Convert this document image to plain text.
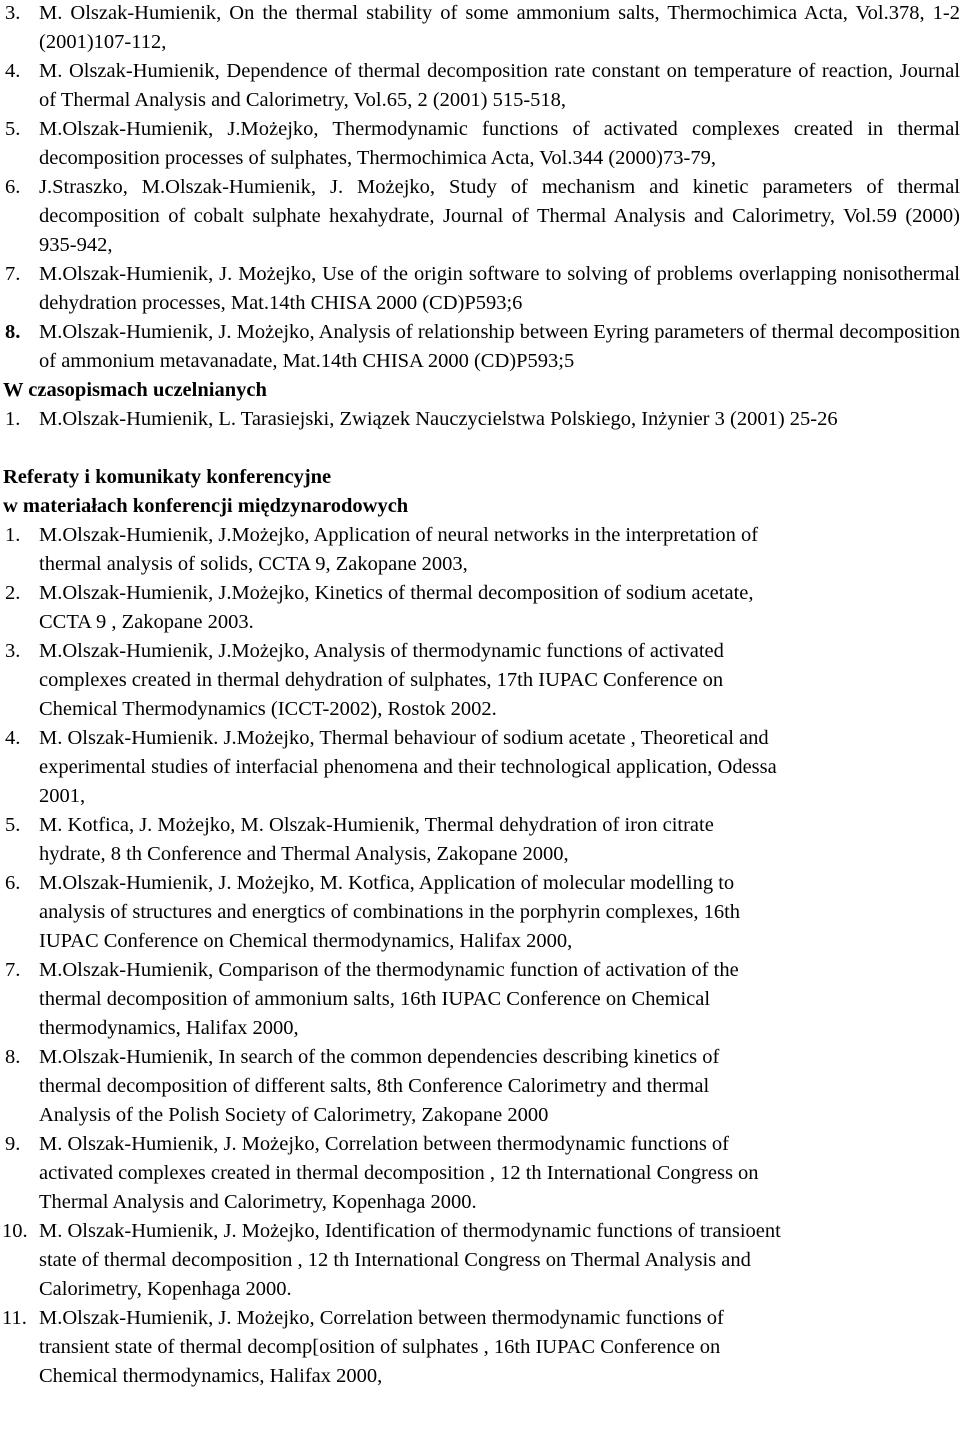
3. M. Olszak-Humienik, On the thermal stability of some ammonium salts, Thermochimica Acta, Vol.378, 1-2 (2001)107-112,
4. M. Olszak-Humienik, Dependence of thermal decomposition rate constant on temperature of reaction, Journal of Thermal Analysis and Calorimetry, Vol.65, 2 (2001) 515-518,
5. M.Olszak-Humienik, J.Możejko, Thermodynamic functions of activated complexes created in thermal decomposition processes of sulphates, Thermochimica Acta, Vol.344 (2000)73-79,
6. J.Straszko, M.Olszak-Humienik, J. Możejko, Study of mechanism and kinetic parameters of thermal decomposition of cobalt sulphate hexahydrate, Journal of Thermal Analysis and Calorimetry, Vol.59 (2000) 935-942,
7. M.Olszak-Humienik, J. Możejko, Use of the origin software to solving of problems overlapping nonisothermal dehydration processes, Mat.14th CHISA 2000 (CD)P593;6
8. M.Olszak-Humienik, J. Możejko, Analysis of relationship between Eyring parameters of thermal decomposition of ammonium metavanadate, Mat.14th CHISA 2000 (CD)P593;5
W czasopismach uczelnianych
1. M.Olszak-Humienik, L. Tarasiejski, Związek Nauczycielstwa Polskiego, Inżynier 3 (2001) 25-26
Referaty i komunikaty konferencyjne
w materiałach konferencji międzynarodowych
1. M.Olszak-Humienik, J.Możejko, Application of neural networks in the interpretation of
thermal analysis of solids, CCTA 9, Zakopane 2003,
2. M.Olszak-Humienik, J.Możejko, Kinetics of thermal decomposition of sodium acetate,
CCTA 9 , Zakopane 2003.
3. M.Olszak-Humienik, J.Możejko, Analysis of thermodynamic functions of activated
complexes created in thermal dehydration of sulphates, 17th IUPAC Conference on
Chemical Thermodynamics (ICCT-2002), Rostok 2002.
4. M. Olszak-Humienik. J.Możejko, Thermal behaviour of sodium acetate , Theoretical and
experimental studies of interfacial phenomena and their technological application, Odessa
2001,
5. M. Kotfica, J. Możejko, M. Olszak-Humienik, Thermal dehydration of iron citrate
hydrate, 8 th Conference and Thermal Analysis, Zakopane 2000,
6. M.Olszak-Humienik, J. Możejko, M. Kotfica, Application of molecular modelling to
analysis of structures and energtics of combinations in the porphyrin complexes, 16th
IUPAC Conference on Chemical thermodynamics, Halifax 2000,
7. M.Olszak-Humienik, Comparison of the thermodynamic function of activation of the
thermal decomposition of ammonium salts, 16th IUPAC Conference on Chemical
thermodynamics, Halifax 2000,
8. M.Olszak-Humienik, In search of the common dependencies describing kinetics of
thermal decomposition of different salts, 8th Conference Calorimetry and thermal
Analysis of the Polish Society of Calorimetry, Zakopane 2000
9. M. Olszak-Humienik, J. Możejko, Correlation between thermodynamic functions of
activated complexes created in thermal decomposition , 12 th International Congress on
Thermal Analysis and Calorimetry, Kopenhaga 2000.
10. M. Olszak-Humienik, J. Możejko, Identification of thermodynamic functions of transioent
state of thermal decomposition , 12 th International Congress on Thermal Analysis and
Calorimetry, Kopenhaga 2000.
11. M.Olszak-Humienik, J. Możejko, Correlation between thermodynamic functions of
transient state of thermal decomp[osition of sulphates , 16th IUPAC Conference on
Chemical thermodynamics, Halifax 2000,
